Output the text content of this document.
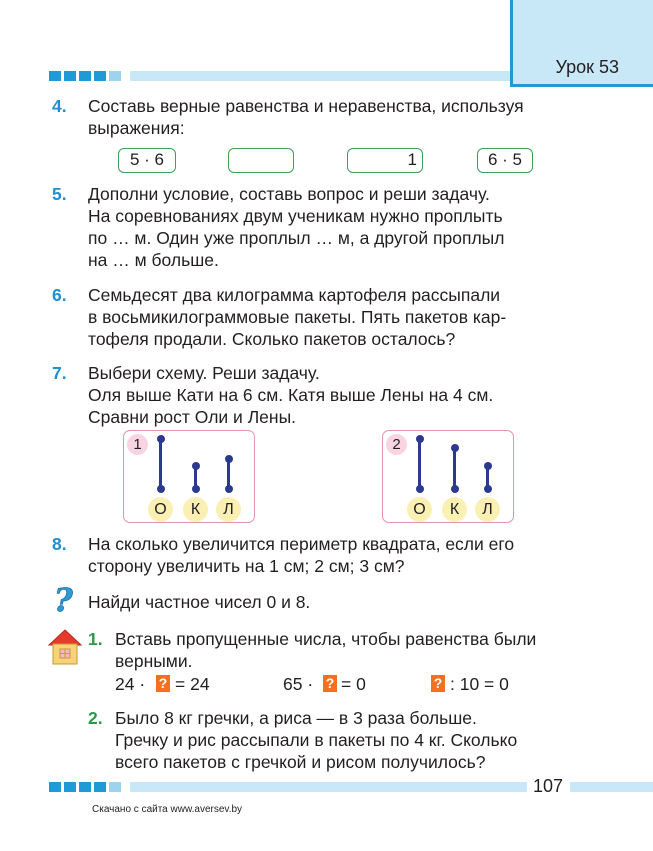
Урок 53
4. Составь верные равенства и неравенства, используя
выражения:
5 · 6	1	6 · 5
5. Дополни условие, составь вопрос и реши задачу.
На соревнованиях двум ученикам нужно проплыть
по … м. Один уже проплыл … м, а другой проплыл
на … м больше.
6. Семьдесят два килограмма картофеля рассыпали
в восьмикилограммовые пакеты. Пять пакетов кар-
тофеля продали. Сколько пакетов осталось?
7. Выбери схему. Реши задачу.
Оля выше Кати на 6 см. Катя выше Лены на 4 см.
Сравни рост Оли и Лены.
1	2
О	К	Л	О	К	Л
8. На сколько увеличится периметр квадрата, если его
сторону увеличить на 1 см; 2 см; 3 см?
? Найди частное чисел 0 и 8.
1. Вставь пропущенные числа, чтобы равенства были
верными.
24 · ? = 24	65 · ? = 0	? : 10 = 0
2. Было 8 кг гречки, а риса — в 3 раза больше.
Гречку и рис рассыпали в пакеты по 4 кг. Сколько
всего пакетов с гречкой и рисом получилось?
107
Скачано с сайта www.aversev.by
